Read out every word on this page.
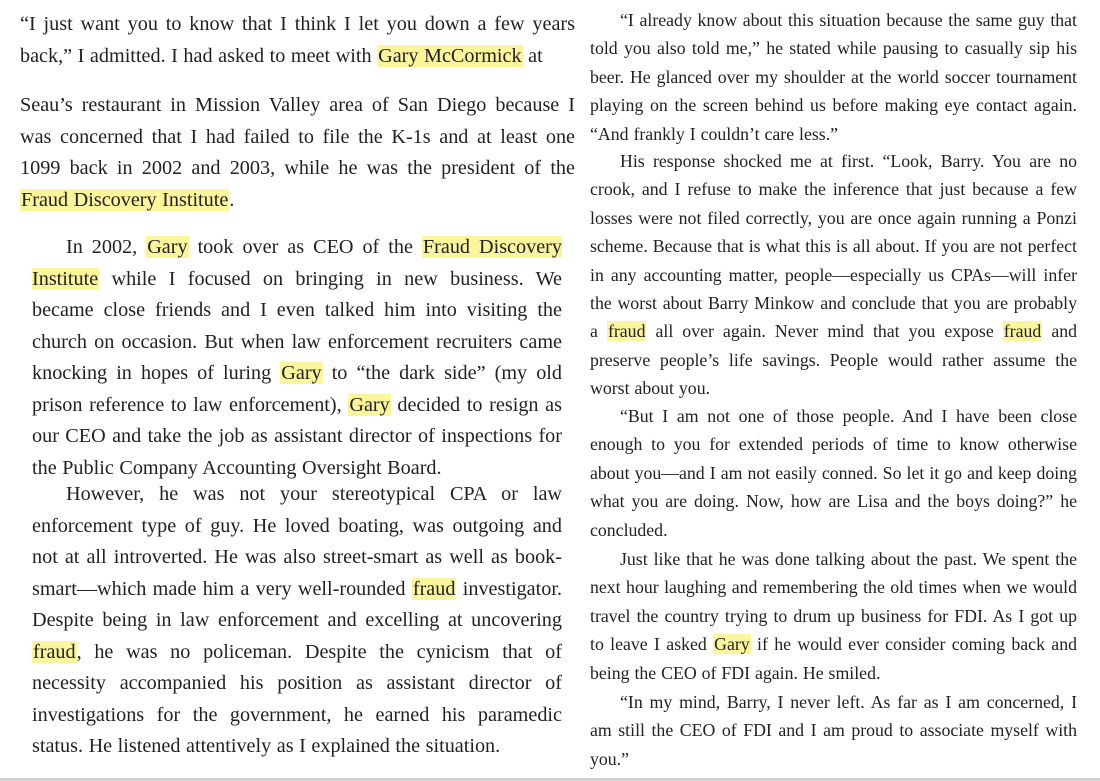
“I just want you to know that I think I let you down a few years back,” I admitted. I had asked to meet with Gary McCormick at

Seau’s restaurant in Mission Valley area of San Diego because I was concerned that I had failed to file the K-1s and at least one 1099 back in 2002 and 2003, while he was the president of the Fraud Discovery Institute.

In 2002, Gary took over as CEO of the Fraud Discovery Institute while I focused on bringing in new business. We became close friends and I even talked him into visiting the church on occasion. But when law enforcement recruiters came knocking in hopes of luring Gary to “the dark side” (my old prison reference to law enforcement), Gary decided to resign as our CEO and take the job as assistant director of inspections for the Public Company Accounting Oversight Board.

However, he was not your stereotypical CPA or law enforcement type of guy. He loved boating, was outgoing and not at all introverted. He was also street-smart as well as book-smart—which made him a very well-rounded fraud investigator. Despite being in law enforcement and excelling at uncovering fraud, he was no policeman. Despite the cynicism that of necessity accompanied his position as assistant director of investigations for the government, he earned his paramedic status. He listened attentively as I explained the situation.

“I already know about this situation because the same guy that told you also told me,” he stated while pausing to casually sip his beer. He glanced over my shoulder at the world soccer tournament playing on the screen behind us before making eye contact again. “And frankly I couldn’t care less.”

His response shocked me at first. “Look, Barry. You are no crook, and I refuse to make the inference that just because a few losses were not filed correctly, you are once again running a Ponzi scheme. Because that is what this is all about. If you are not perfect in any accounting matter, people—especially us CPAs—will infer the worst about Barry Minkow and conclude that you are probably a fraud all over again. Never mind that you expose fraud and preserve people’s life savings. People would rather assume the worst about you.

“But I am not one of those people. And I have been close enough to you for extended periods of time to know otherwise about you—and I am not easily conned. So let it go and keep doing what you are doing. Now, how are Lisa and the boys doing?” he concluded.

Just like that he was done talking about the past. We spent the next hour laughing and remembering the old times when we would travel the country trying to drum up business for FDI. As I got up to leave I asked Gary if he would ever consider coming back and being the CEO of FDI again. He smiled.

“In my mind, Barry, I never left. As far as I am concerned, I am still the CEO of FDI and I am proud to associate myself with you.”
